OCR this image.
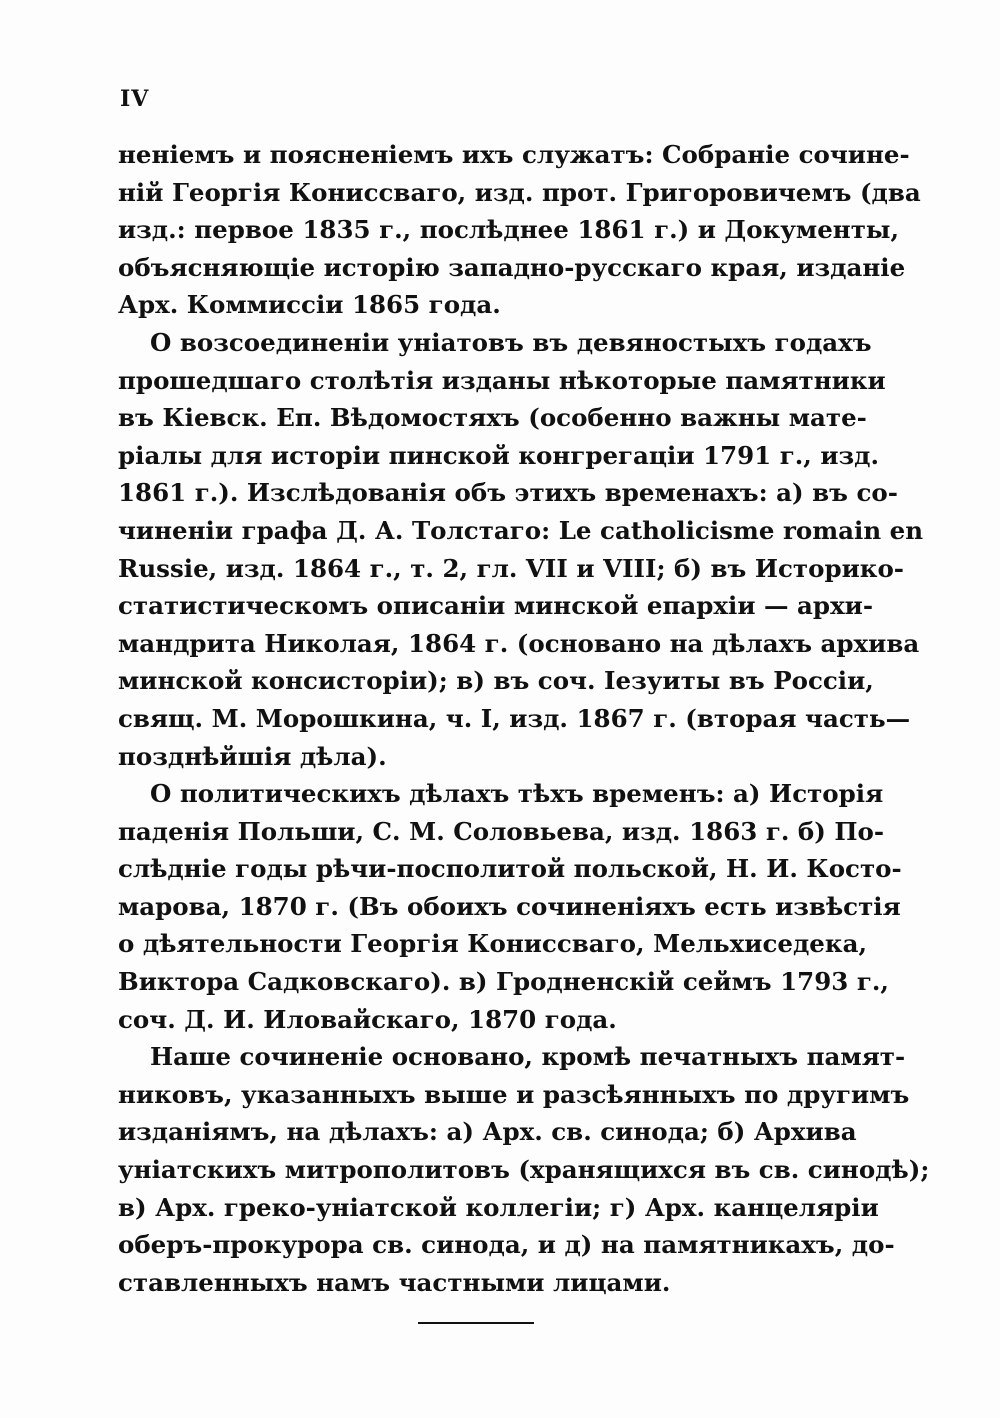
IV
неніемъ и поясненіемъ ихъ служатъ: Собраніе сочине-
ній Георгія Кониссваго, изд. прот. Григоровичемъ (два
изд.: первое 1835 г., послѣднее 1861 г.) и Документы,
объясняющіе исторію западно-русскаго края, изданіе
Арх. Коммиссіи 1865 года.
О возсоединеніи уніатовъ въ девяностыхъ годахъ
прошедшаго столѣтія изданы нѣкоторые памятники
въ Кіевск. Еп. Вѣдомостяхъ (особенно важны мате-
ріалы для исторіи пинской конгрегаціи 1791 г., изд.
1861 г.). Изслѣдованія объ этихъ временахъ: а) въ со-
чиненіи графа Д. А. Толстаго: Le catholicisme romain en
Russie, изд. 1864 г., т. 2, гл. VII и VIII; б) въ Историко-
статистическомъ описаніи минской епархіи — архи-
мандрита Николая, 1864 г. (основано на дѣлахъ архива
минской консисторіи); в) въ соч. Іезуиты въ Россіи,
свящ. М. Морошкина, ч. I, изд. 1867 г. (вторая часть—
позднѣйшія дѣла).
О политическихъ дѣлахъ тѣхъ временъ: а) Исторія
паденія Польши, С. М. Соловьева, изд. 1863 г. б) По-
слѣдніе годы рѣчи-посполитой польской, Н. И. Косто-
марова, 1870 г. (Въ обоихъ сочиненіяхъ есть извѣстія
о дѣятельности Георгія Кониссваго, Мельхиседека,
Виктора Садковскаго). в) Гродненскій сеймъ 1793 г.,
соч. Д. И. Иловайскаго, 1870 года.
Наше сочиненіе основано, кромѣ печатныхъ памят-
никовъ, указанныхъ выше и разсѣянныхъ по другимъ
изданіямъ, на дѣлахъ: а) Арх. св. синода; б) Архива
уніатскихъ митрополитовъ (хранящихся въ св. синодѣ);
в) Арх. греко-уніатской коллегіи; г) Арх. канцеляріи
оберъ-прокурора св. синода, и д) на памятникахъ, до-
ставленныхъ намъ частными лицами.
